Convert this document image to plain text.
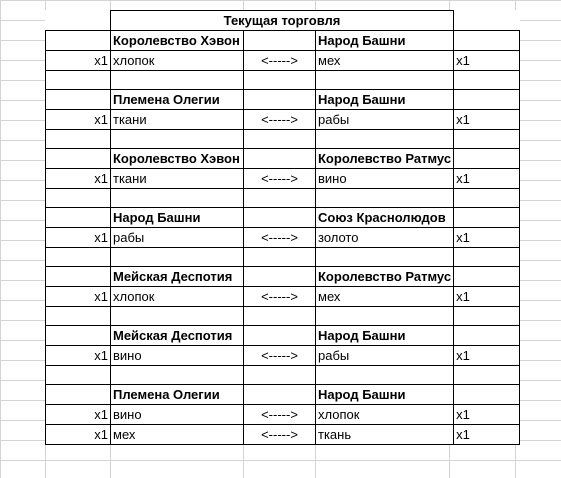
	Текущая торговля			
	Королевство Хэвон		Народ Башни	
x1	хлопок	<----->	мех	x1

	Племена Олегии		Народ Башни	
x1	ткани	<----->	рабы	x1

	Королевство Хэвон		Королевство Ратмус	
x1	ткани	<----->	вино	x1

	Народ Башни		Союз Краснолюдов	
x1	рабы	<----->	золото	x1

	Мейская Деспотия		Королевство Ратмус	
x1	хлопок	<----->	мех	x1

	Мейская Деспотия		Народ Башни	
x1	вино	<----->	рабы	x1

	Племена Олегии		Народ Башни	
x1	вино	<----->	хлопок	x1
x1	мех	<----->	ткань	x1
